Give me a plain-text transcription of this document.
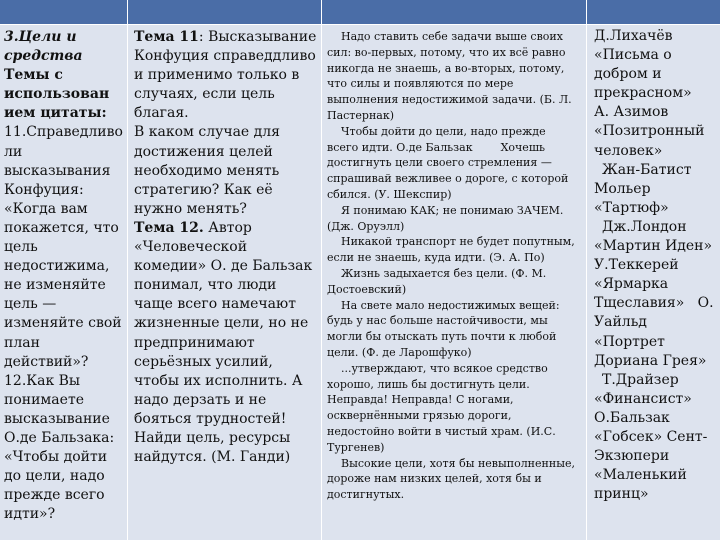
3.Цели и
средства
Темы с
использован
ием цитаты:
11.Справедливо
ли
высказывания
Конфуция:
«Когда вам
покажется, что
цель
недостижима,
не изменяйте
цель —
изменяйте свой
план
действий»?
12.Как Вы
понимаете
высказывание
О.де Бальзака:
«Чтобы дойти
до цели, надо
прежде всего
идти»?
Тема 11: Высказывание
Конфуция справеддливо
и применимо только в
случаях, если цель
благая.
В каком случае для
достижения целей
необходимо менять
стратегию? Как её
нужно менять?
Тема 12. Автор
«Человеческой
комедии» О. де Бальзак
понимал, что люди
чаще всего намечают
жизненные цели, но не
предпринимают
серьёзных усилий,
чтобы их исполнить. А
надо дерзать и не
бояться трудностей!
Найди цель, ресурсы
найдутся. (М. Ганди)
Надо ставить себе задачи выше своих
сил: во-первых, потому, что их всё равно
никогда не знаешь, а во-вторых, потому,
что силы и появляются по мере
выполнения недостижимой задачи. (Б. Л.
Пастернак)
Чтобы дойти до цели, надо прежде
всего идти. О.де Бальзак        Хочешь
достигнуть цели своего стремления —
спрашивай вежливее о дороге, с которой
сбился. (У. Шекспир)
Я понимаю КАК; не понимаю ЗАЧЕМ.
(Дж. Оруэлл)
Никакой транспорт не будет попутным,
если не знаешь, куда идти. (Э. А. По)
Жизнь задыхается без цели. (Ф. М.
Достоевский)
На свете мало недостижимых вещей:
будь у нас больше настойчивости, мы
могли бы отыскать путь почти к любой
цели. (Ф. де Ларошфуко)
...утверждают, что всякое средство
хорошо, лишь бы достигнуть цели.
Неправда! Неправда! С ногами,
осквернёнными грязью дороги,
недостойно войти в чистый храм. (И.С.
Тургенев)
Высокие цели, хотя бы невыполненные,
дороже нам низких целей, хотя бы и
достигнутых.
Д.Лихачёв
«Письма о
добром и
прекрасном»
А. Азимов
«Позитронный
человек»
Жан-Батист
Мольер
«Тартюф»
Дж.Лондон
«Мартин Иден»
У.Теккерей
«Ярмарка
Тщеславия»   О.
Уайльд
«Портрет
Дориана Грея»
Т.Драйзер
«Финансист»
О.Бальзак
«Гобсек» Сент-
Экзюпери
«Маленький
принц»
